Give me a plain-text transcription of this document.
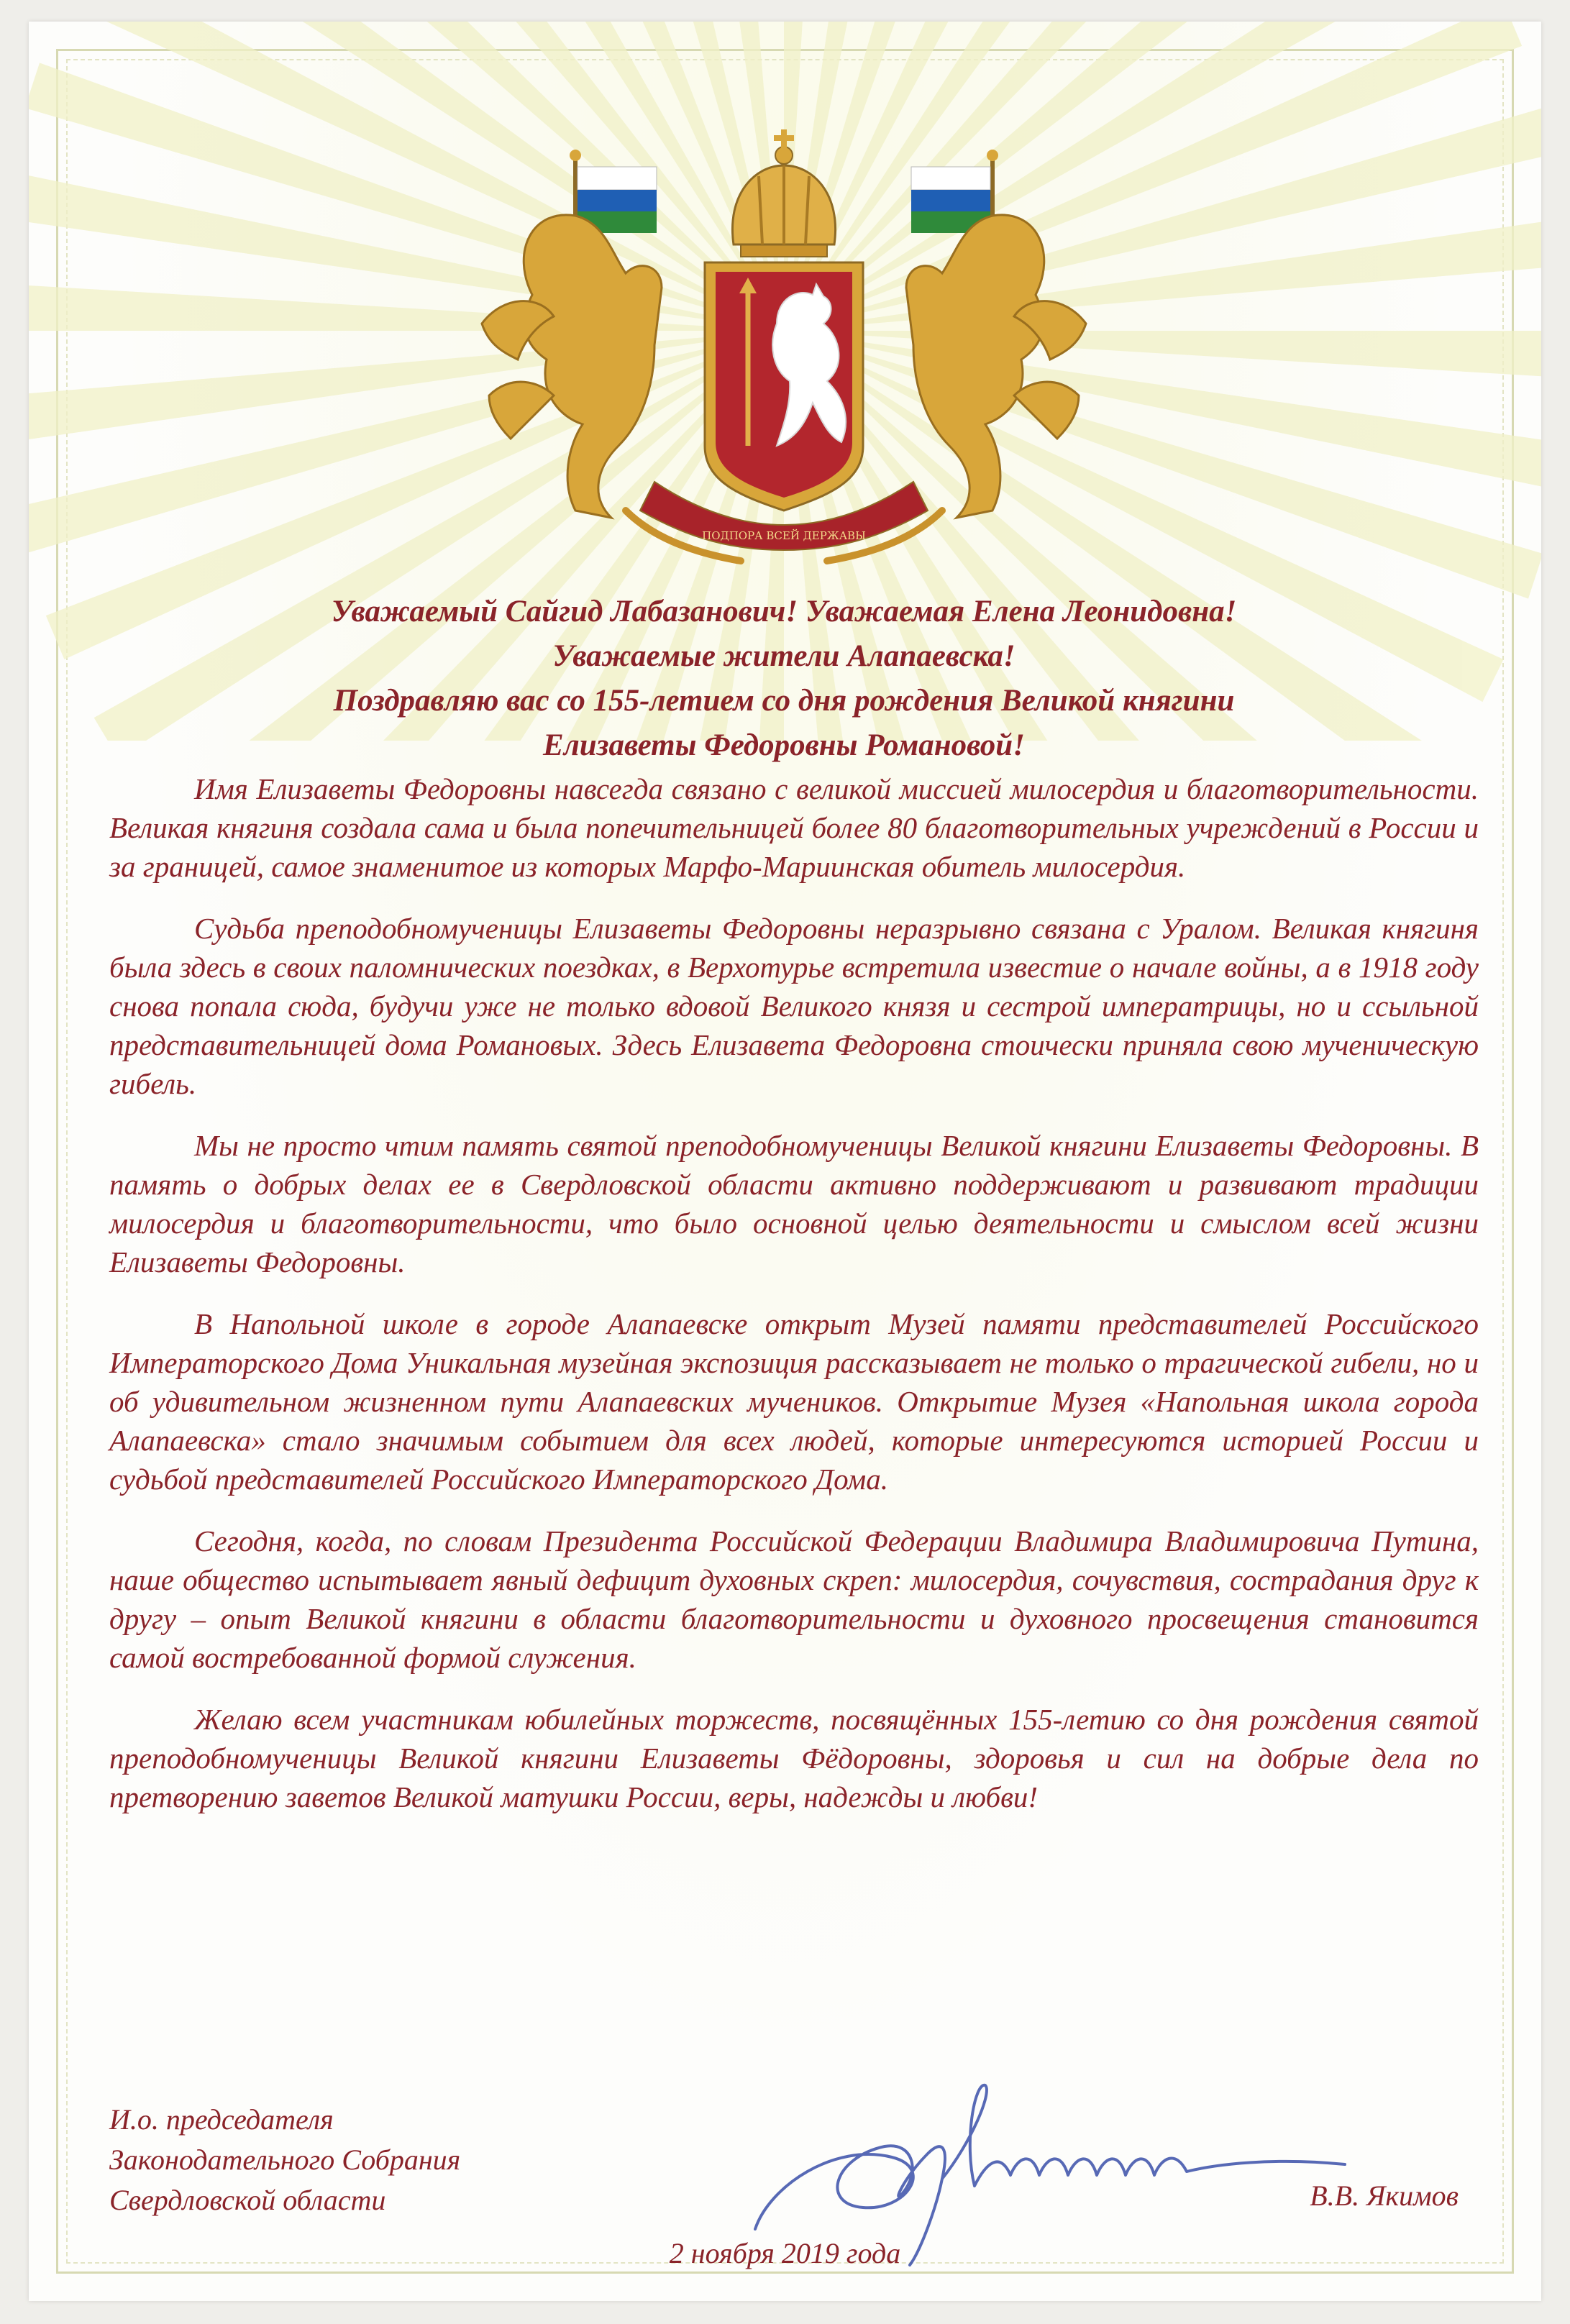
ПОДПОРА ВСЕЙ ДЕРЖАВЫ
Уважаемый Сайгид Лабазанович! Уважаемая Елена Леонидовна!
Уважаемые жители Алапаевска!
Поздравляю вас со 155-летием со дня рождения Великой княгини
Елизаветы Федоровны Романовой!

Имя Елизаветы Федоровны навсегда связано с великой миссией милосердия и благотворительности. Великая княгиня создала сама и была попечительницей более 80 благотворительных учреждений в России и за границей, самое знаменитое из которых Марфо-Мариинская обитель милосердия.

Судьба преподобномученицы Елизаветы Федоровны неразрывно связана с Уралом. Великая княгиня была здесь в своих паломнических поездках, в Верхотурье встретила известие о начале войны, а в 1918 году снова попала сюда, будучи уже не только вдовой Великого князя и сестрой императрицы, но и ссыльной представительницей дома Романовых. Здесь Елизавета Федоровна стоически приняла свою мученическую гибель.

Мы не просто чтим память святой преподобномученицы Великой княгини Елизаветы Федоровны. В память о добрых делах ее в Свердловской области активно поддерживают и развивают традиции милосердия и благотворительности, что было основной целью деятельности и смыслом всей жизни Елизаветы Федоровны.

В Напольной школе в городе Алапаевске открыт Музей памяти представителей Российского Императорского Дома Уникальная музейная экспозиция рассказывает не только о трагической гибели, но и об удивительном жизненном пути Алапаевских мучеников. Открытие Музея «Напольная школа города Алапаевска» стало значимым событием для всех людей, которые интересуются историей России и судьбой представителей Российского Императорского Дома.

Сегодня, когда, по словам Президента Российской Федерации Владимира Владимировича Путина, наше общество испытывает явный дефицит духовных скреп: милосердия, сочувствия, сострадания друг к другу – опыт Великой княгини в области благотворительности и духовного просвещения становится самой востребованной формой служения.

Желаю всем участникам юбилейных торжеств, посвящённых 155-летию со дня рождения святой преподобномученицы Великой княгини Елизаветы Фёдоровны, здоровья и сил на добрые дела по претворению заветов Великой матушки России, веры, надежды и любви!

И.о. председателя
Законодательного Собрания
Свердловской области	В.В. Якимов
2 ноября 2019 года
